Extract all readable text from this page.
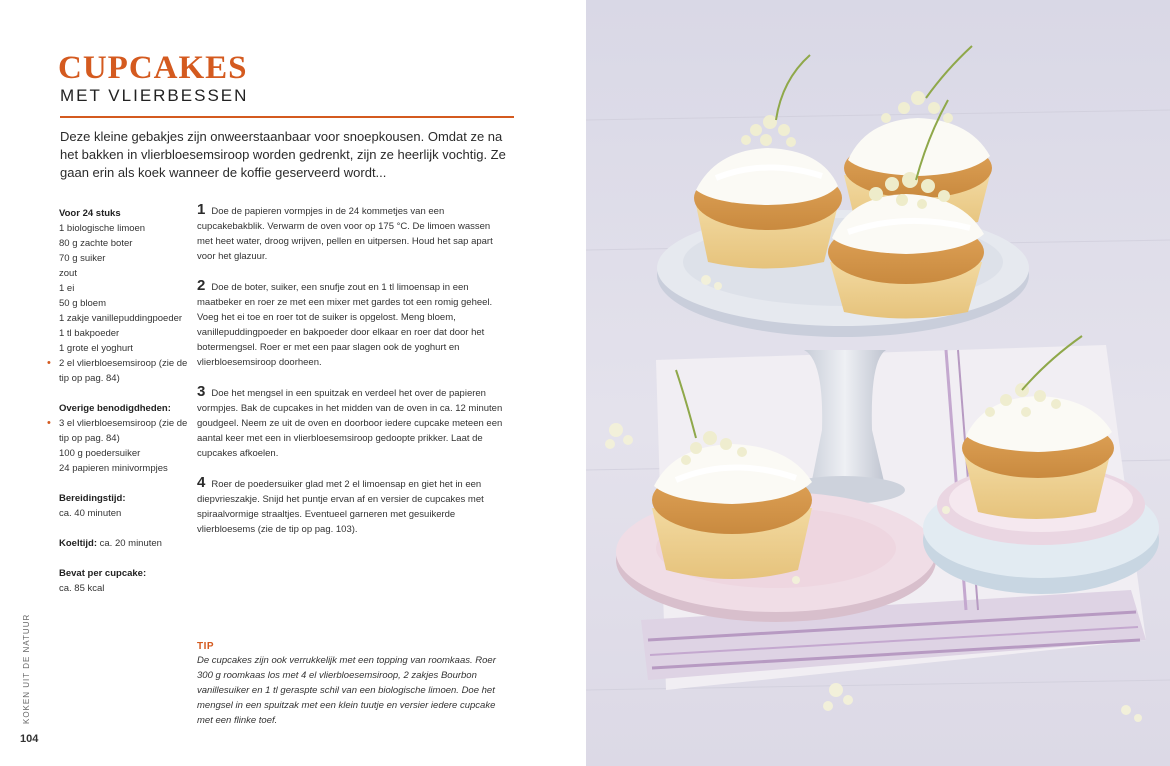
CUPCAKES
MET VLIERBESSEN

Deze kleine gebakjes zijn onweerstaanbaar voor snoepkousen. Omdat ze na het bakken in vlierbloesemsiroop worden gedrenkt, zijn ze heerlijk vochtig. Ze gaan erin als koek wanneer de koffie geserveerd wordt...

Voor 24 stuks
1 biologische limoen
80 g zachte boter
70 g suiker
zout
1 ei
50 g bloem
1 zakje vanillepuddingpoeder
1 tl bakpoeder
1 grote el yoghurt
• 2 el vlierbloesemsiroop (zie de tip op pag. 84)
Overige benodigdheden:
• 3 el vlierbloesemsiroop (zie de tip op pag. 84)
100 g poedersuiker
24 papieren minivormpjes
Bereidingstijd:
ca. 40 minuten
Koeltijd: ca. 20 minuten
Bevat per cupcake:
ca. 85 kcal
1 Doe de papieren vormpjes in de 24 kommetjes van een cupcakebakblik. Verwarm de oven voor op 175 °C. De limoen wassen met heet water, droog wrijven, pellen en uitpersen. Houd het sap apart voor het glazuur.
2 Doe de boter, suiker, een snufje zout en 1 tl limoensap in een maatbeker en roer ze met een mixer met gardes tot een romig geheel. Voeg het ei toe en roer tot de suiker is opgelost. Meng bloem, vanillepuddingpoeder en bakpoeder door elkaar en roer dat door het botermengsel. Roer er met een paar slagen ook de yoghurt en vlierbloesemsiroop doorheen.
3 Doe het mengsel in een spuitzak en verdeel het over de papieren vormpjes. Bak de cupcakes in het midden van de oven in ca. 12 minuten goudgeel. Neem ze uit de oven en doorboor iedere cupcake meteen een aantal keer met een in vlierbloesemsiroop gedoopte prikker. Laat de cupcakes afkoelen.
4 Roer de poedersuiker glad met 2 el limoensap en giet het in een diepvrieszakje. Snijd het puntje ervan af en versier de cupcakes met spiraalvormige straaltjes. Eventueel garneren met gesuikerde vlierbloesems (zie de tip op pag. 103).
TIP

De cupcakes zijn ook verrukkelijk met een topping van roomkaas. Roer 300 g roomkaas los met 4 el vlierbloesemsiroop, 2 zakjes Bourbon vanillesuiker en 1 tl geraspte schil van een biologische limoen. Doe het mengsel in een spuitzak met een klein tuutje en versier iedere cupcake met een flinke toef.

KOKEN UIT DE NATUUR
104
